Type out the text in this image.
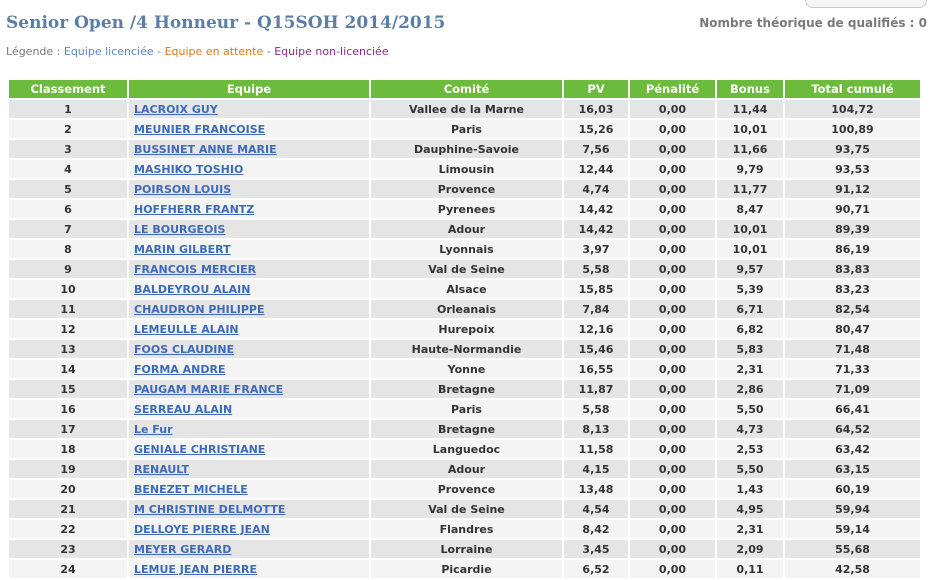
Senior Open /4 Honneur - Q15SOH 2014/2015	Nombre théorique de qualifiés : 0
Légende : Equipe licenciée - Equipe en attente - Equipe non-licenciée
Classement	Equipe	Comité	PV	Pénalité	Bonus	Total cumulé
1	LACROIX GUY	Vallee de la Marne	16,03	0,00	11,44	104,72
2	MEUNIER FRANCOISE	Paris	15,26	0,00	10,01	100,89
3	BUSSINET ANNE MARIE	Dauphine-Savoie	7,56	0,00	11,66	93,75
4	MASHIKO TOSHIO	Limousin	12,44	0,00	9,79	93,53
5	POIRSON LOUIS	Provence	4,74	0,00	11,77	91,12
6	HOFFHERR FRANTZ	Pyrenees	14,42	0,00	8,47	90,71
7	LE BOURGEOIS	Adour	14,42	0,00	10,01	89,39
8	MARIN GILBERT	Lyonnais	3,97	0,00	10,01	86,19
9	FRANCOIS MERCIER	Val de Seine	5,58	0,00	9,57	83,83
10	BALDEYROU ALAIN	Alsace	15,85	0,00	5,39	83,23
11	CHAUDRON PHILIPPE	Orleanais	7,84	0,00	6,71	82,54
12	LEMEULLE ALAIN	Hurepoix	12,16	0,00	6,82	80,47
13	FOOS CLAUDINE	Haute-Normandie	15,46	0,00	5,83	71,48
14	FORMA ANDRE	Yonne	16,55	0,00	2,31	71,33
15	PAUGAM MARIE FRANCE	Bretagne	11,87	0,00	2,86	71,09
16	SERREAU ALAIN	Paris	5,58	0,00	5,50	66,41
17	Le Fur	Bretagne	8,13	0,00	4,73	64,52
18	GENIALE CHRISTIANE	Languedoc	11,58	0,00	2,53	63,42
19	RENAULT	Adour	4,15	0,00	5,50	63,15
20	BENEZET MICHELE	Provence	13,48	0,00	1,43	60,19
21	M CHRISTINE DELMOTTE	Val de Seine	4,54	0,00	4,95	59,94
22	DELLOYE PIERRE JEAN	Flandres	8,42	0,00	2,31	59,14
23	MEYER GERARD	Lorraine	3,45	0,00	2,09	55,68
24	LEMUE JEAN PIERRE	Picardie	6,52	0,00	0,11	42,58
